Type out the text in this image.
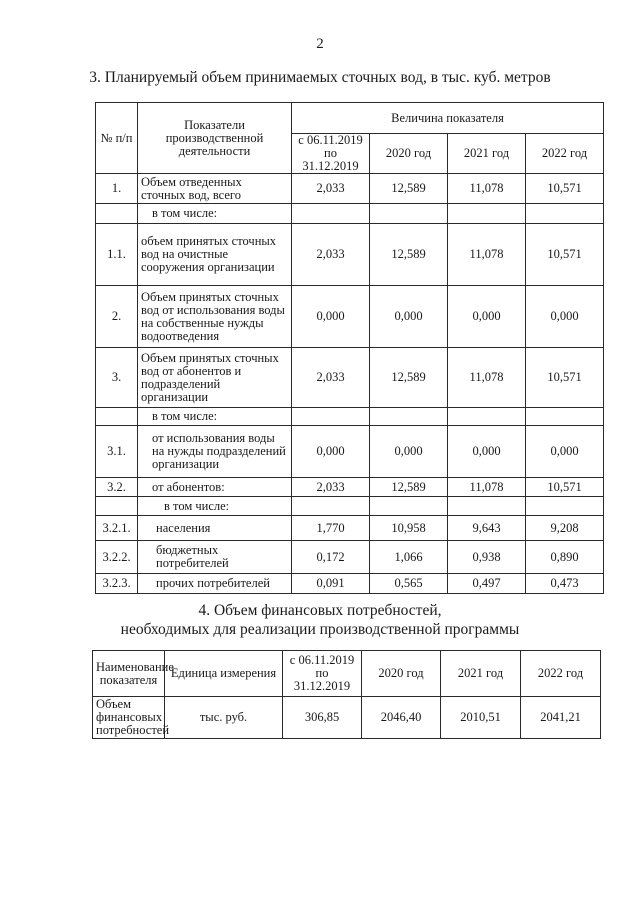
2
3. Планируемый объем принимаемых сточных вод, в тыс. куб. метров
№ п/п	Показатели производственной деятельности	Величина показателя			
		с 06.11.2019 по 31.12.2019	2020 год	2021 год	2022 год
1.	Объем отведенных сточных вод, всего	2,033	12,589	11,078	10,571
	в том числе:				
1.1.	объем принятых сточных вод на очистные сооружения организации	2,033	12,589	11,078	10,571
2.	Объем принятых сточных вод от использования воды на собственные нужды водоотведения	0,000	0,000	0,000	0,000
3.	Объем принятых сточных вод от абонентов и подразделений организации	2,033	12,589	11,078	10,571
	в том числе:				
3.1.	от использования воды на нужды подразделений организации	0,000	0,000	0,000	0,000
3.2.	от абонентов:	2,033	12,589	11,078	10,571
	в том числе:				
3.2.1.	населения	1,770	10,958	9,643	9,208
3.2.2.	бюджетных потребителей	0,172	1,066	0,938	0,890
3.2.3.	прочих потребителей	0,091	0,565	0,497	0,473
4. Объем финансовых потребностей,
необходимых для реализации производственной программы
Наименование показателя	Единица измерения	с 06.11.2019 по 31.12.2019	2020 год	2021 год	2022 год
Объем финансовых потребностей	тыс. руб.	306,85	2046,40	2010,51	2041,21
